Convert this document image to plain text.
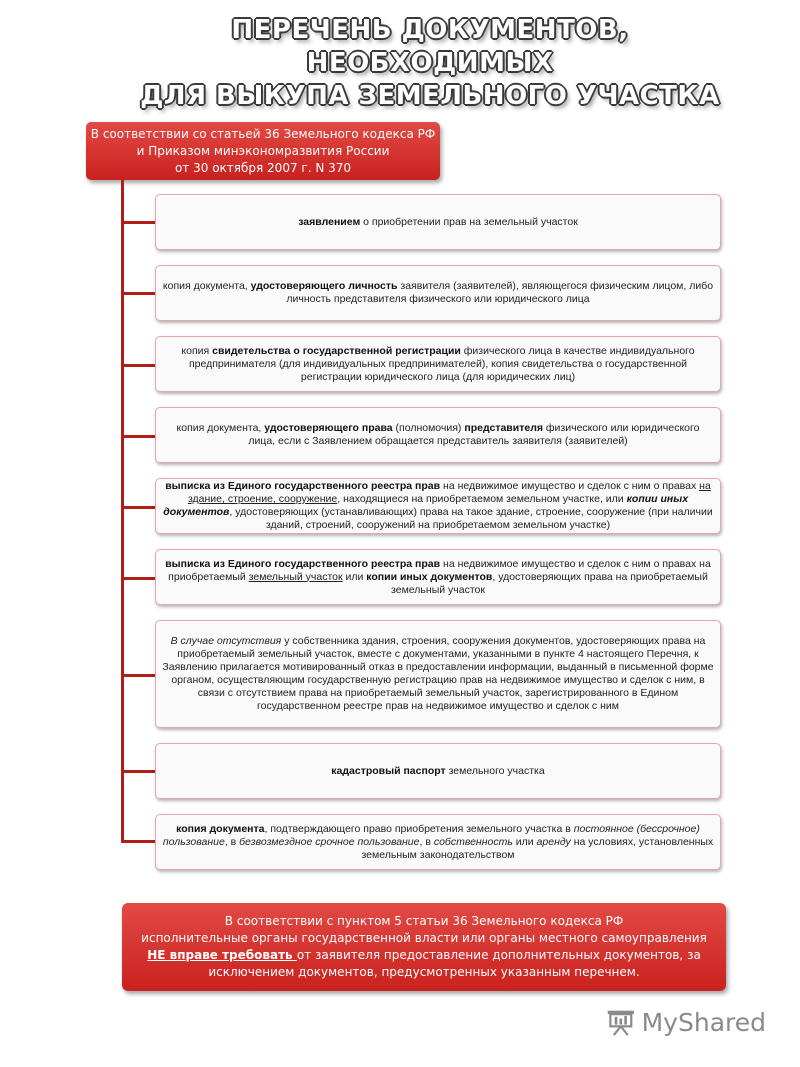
ПЕРЕЧЕНЬ ДОКУМЕНТОВ, НЕОБХОДИМЫХ
ДЛЯ ВЫКУПА ЗЕМЕЛЬНОГО УЧАСТКА
В соответствии со статьей 36 Земельного кодекса РФ
и Приказом минэкономразвития России
от 30 октября 2007 г. N 370
заявлением о приобретении прав на земельный участок
копия документа, удостоверяющего личность заявителя (заявителей), являющегося физическим лицом, либо личность представителя физического или юридического лица
копия свидетельства о государственной регистрации физического лица в качестве индивидуального предпринимателя (для индивидуальных предпринимателей), копия свидетельства о государственной регистрации юридического лица (для юридических лиц)
копия документа, удостоверяющего права (полномочия) представителя физического или юридического лица, если с Заявлением обращается представитель заявителя (заявителей)
выписка из Единого государственного реестра прав на недвижимое имущество и сделок с ним о правах на здание, строение, сооружение, находящиеся на приобретаемом земельном участке, или копии иных документов, удостоверяющих (устанавливающих) права на такое здание, строение, сооружение (при наличии зданий, строений, сооружений на приобретаемом земельном участке)
выписка из Единого государственного реестра прав на недвижимое имущество и сделок с ним о правах на приобретаемый земельный участок или копии иных документов, удостоверяющих права на приобретаемый земельный участок
В случае отсутствия у собственника здания, строения, сооружения документов, удостоверяющих права на приобретаемый земельный участок, вместе с документами, указанными в пункте 4 настоящего Перечня, к Заявлению прилагается мотивированный отказ в предоставлении информации, выданный в письменной форме органом, осуществляющим государственную регистрацию прав на недвижимое имущество и сделок с ним, в связи с отсутствием права на приобретаемый земельный участок, зарегистрированного в Едином государственном реестре прав на недвижимое имущество и сделок с ним
кадастровый паспорт земельного участка
копия документа, подтверждающего право приобретения земельного участка в постоянное (бессрочное) пользование, в безвозмездное срочное пользование, в собственность или аренду на условиях, установленных земельным законодательством
В соответствии с пунктом 5 статьи 36 Земельного кодекса РФ
исполнительные органы государственной власти или органы местного самоуправления
НЕ вправе требовать от заявителя предоставление дополнительных документов, за
исключением документов, предусмотренных указанным перечнем.
MyShared
